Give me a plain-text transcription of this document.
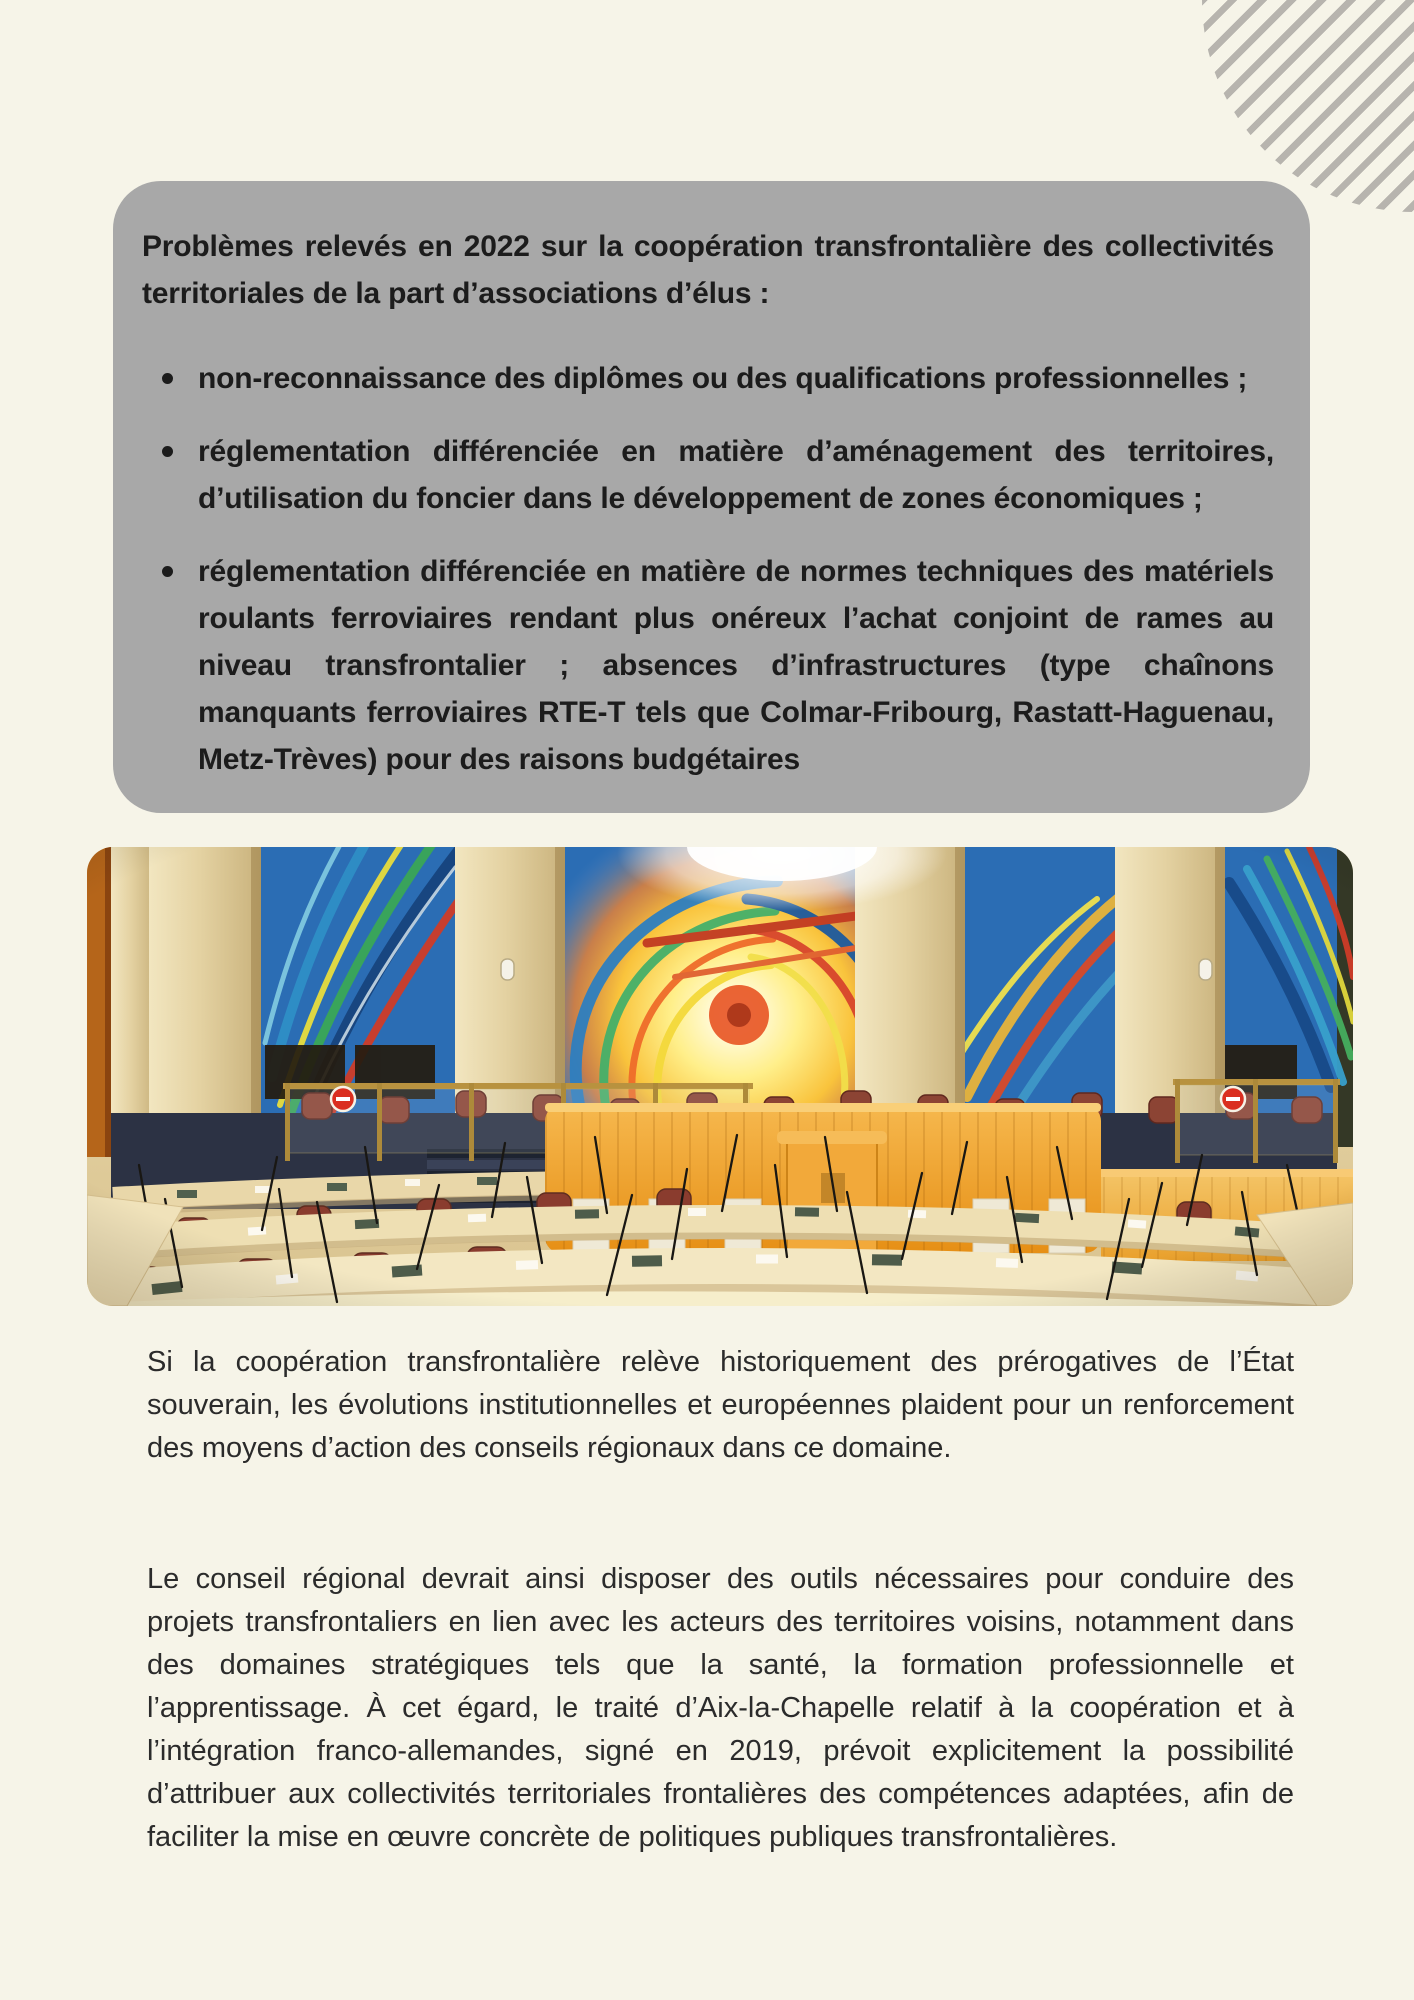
Problèmes relevés en 2022 sur la coopération transfrontalière des collectivités territoriales de la part d’associations d’élus :

non-reconnaissance des diplômes ou des qualifications professionnelles ;
réglementation différenciée en matière d’aménagement des territoires, d’utilisation du foncier dans le développement de zones économiques ;
réglementation différenciée en matière de normes techniques des matériels roulants ferroviaires rendant plus onéreux l’achat conjoint de rames au niveau transfrontalier ; absences d’infrastructures (type chaînons manquants ferroviaires RTE-T tels que Colmar-Fribourg, Rastatt-Haguenau, Metz-Trèves) pour des raisons budgétaires

Si la coopération transfrontalière relève historiquement des prérogatives de l’État souverain, les évolutions institutionnelles et européennes plaident pour un renforcement des moyens d’action des conseils régionaux dans ce domaine.

Le conseil régional devrait ainsi disposer des outils nécessaires pour conduire des projets transfrontaliers en lien avec les acteurs des territoires voisins, notamment dans des domaines stratégiques tels que la santé, la formation professionnelle et l’apprentissage. À cet égard, le traité d’Aix-la-Chapelle relatif à la coopération et à l’intégration franco-allemandes, signé en 2019, prévoit explicitement la possibilité d’attribuer aux collectivités territoriales frontalières des compétences adaptées, afin de faciliter la mise en œuvre concrète de politiques publiques transfrontalières.
